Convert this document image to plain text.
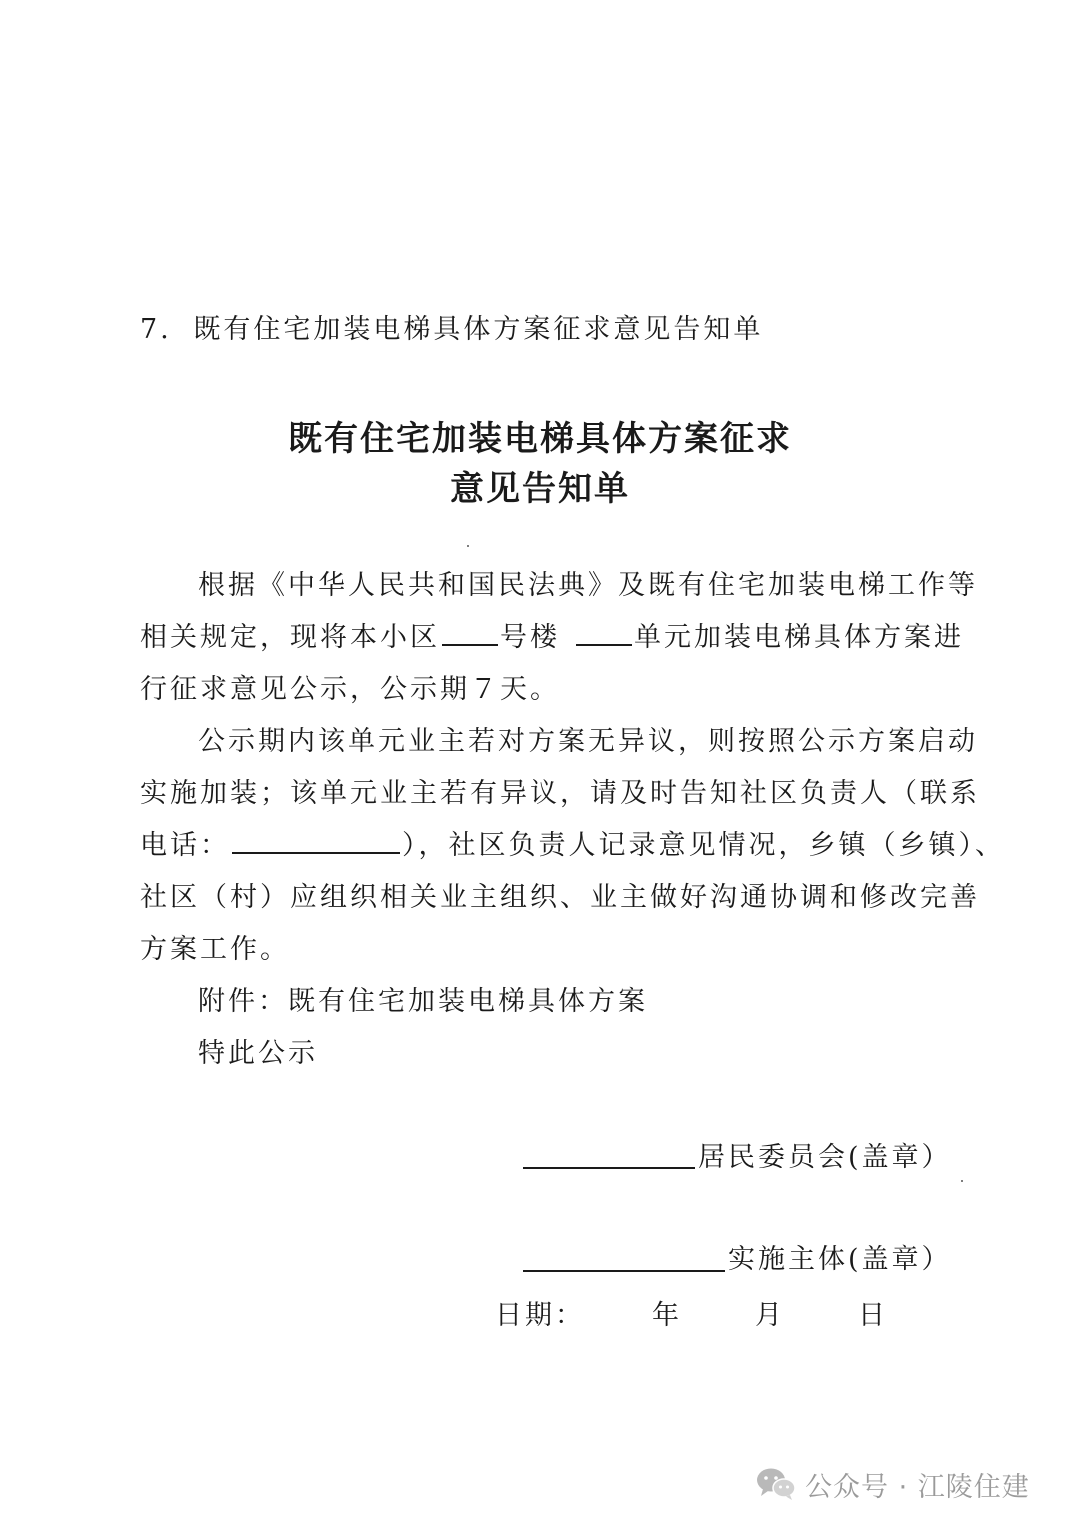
7. 既有住宅加装电梯具体方案征求意见告知单
既有住宅加装电梯具体方案征求
意见告知单
根据《中华人民共和国民法典》及既有住宅加装电梯工作等
相关规定，现将本小区 号楼	单元加装电梯具体方案进
行征求意见公示，公示期７天。
公示期内该单元业主若对方案无异议，则按照公示方案启动
实施加装；该单元业主若有异议，请及时告知社区负责人（联系
电话：	），社区负责人记录意见情况，乡镇（乡镇）、
社区（村）应组织相关业主组织、业主做好沟通协调和修改完善
方案工作。
附件：既有住宅加装电梯具体方案
特此公示
居民委员会(盖章）
实施主体(盖章）
日期： 年	月	日
公众号 · 江陵住建
